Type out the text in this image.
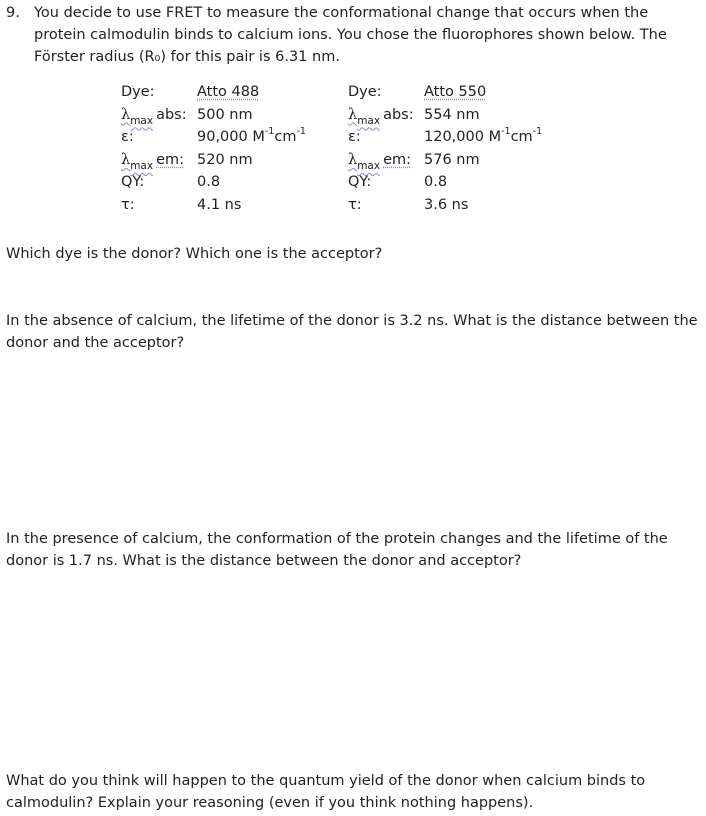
9. You decide to use FRET to measure the conformational change that occurs when the protein calmodulin binds to calcium ions. You chose the fluorophores shown below. The Förster radius (R₀) for this pair is 6.31 nm.
Dye:	Atto 488
$\lambda_{max}$ abs: 500 nm
ε:	90,000 $M^{-1}cm^{-1}$
$\lambda_{max}$ em: 520 nm
QY:	0.8
τ:	4.1 ns
Dye:	Atto 550
$\lambda_{max}$ abs: 554 nm
ε:	120,000 $M^{-1}cm^{-1}$
$\lambda_{max}$ em: 576 nm
QY:	0.8
τ:	3.6 ns
Which dye is the donor? Which one is the acceptor?
In the absence of calcium, the lifetime of the donor is 3.2 ns. What is the distance between the donor and the acceptor?
In the presence of calcium, the conformation of the protein changes and the lifetime of the donor is 1.7 ns. What is the distance between the donor and acceptor?
What do you think will happen to the quantum yield of the donor when calcium binds to calmodulin? Explain your reasoning (even if you think nothing happens).
